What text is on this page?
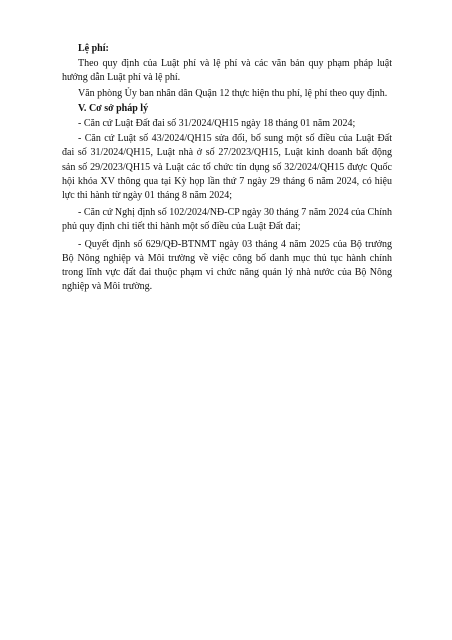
Lệ phí:

Theo quy định của Luật phí và lệ phí và các văn bản quy phạm pháp luật hướng dẫn Luật phí và lệ phí.

Văn phòng Ủy ban nhân dân Quận 12 thực hiện thu phí, lệ phí theo quy định.

V. Cơ sở pháp lý

- Căn cứ Luật Đất đai số 31/2024/QH15 ngày 18 tháng 01 năm 2024;

- Căn cứ Luật số 43/2024/QH15 sửa đổi, bổ sung một số điều của Luật Đất đai số 31/2024/QH15, Luật nhà ở số 27/2023/QH15, Luật kinh doanh bất động sản số 29/2023/QH15 và Luật các tổ chức tín dụng số 32/2024/QH15 được Quốc hội khóa XV thông qua tại Kỳ họp lần thứ 7 ngày 29 tháng 6 năm 2024, có hiệu lực thi hành từ ngày 01 tháng 8 năm 2024;

- Căn cứ Nghị định số 102/2024/NĐ-CP ngày 30 tháng 7 năm 2024 của Chính phủ quy định chi tiết thi hành một số điều của Luật Đất đai;

- Quyết định số 629/QĐ-BTNMT ngày 03 tháng 4 năm 2025 của Bộ trưởng Bộ Nông nghiệp và Môi trường về việc công bố danh mục thủ tục hành chính trong lĩnh vực đất đai thuộc phạm vi chức năng quản lý nhà nước của Bộ Nông nghiệp và Môi trường.
